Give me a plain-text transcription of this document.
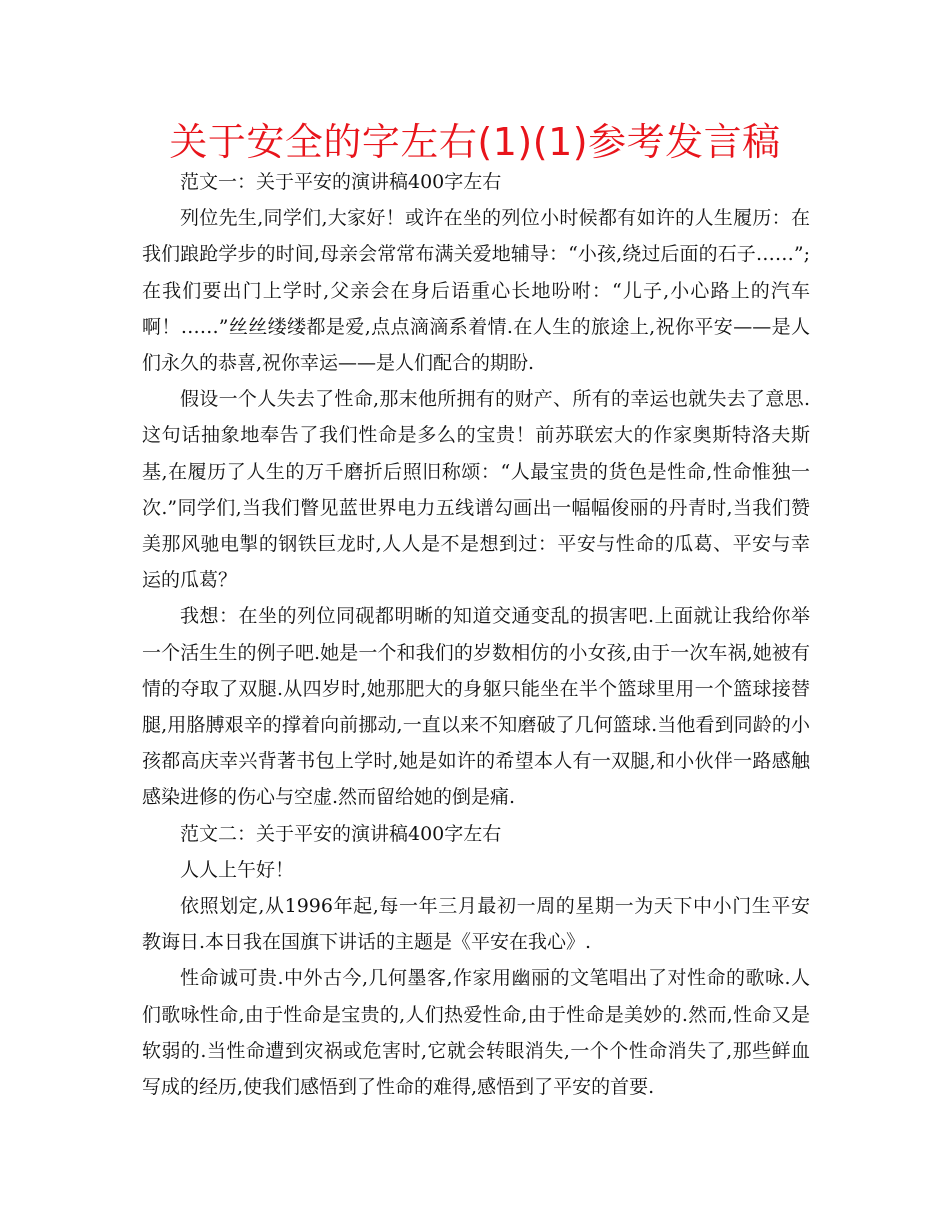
关于安全的字左右(1)(1)参考发言稿

范文一：关于平安的演讲稿400字左右

列位先生,同学们,大家好！或许在坐的列位小时候都有如许的人生履历：在我们踉跄学步的时间,母亲会常常布满关爱地辅导：“小孩,绕过后面的石子……”;在我们要出门上学时,父亲会在身后语重心长地吩咐：“儿子,小心路上的汽车啊！……”丝丝缕缕都是爱,点点滴滴系着情.在人生的旅途上,祝你平安——是人们永久的恭喜,祝你幸运——是人们配合的期盼.

假设一个人失去了性命,那末他所拥有的财产、所有的幸运也就失去了意思.这句话抽象地奉告了我们性命是多么的宝贵！前苏联宏大的作家奥斯特洛夫斯基,在履历了人生的万千磨折后照旧称颂：“人最宝贵的货色是性命,性命惟独一次.”同学们,当我们瞥见蓝世界电力五线谱勾画出一幅幅俊丽的丹青时,当我们赞美那风驰电掣的钢铁巨龙时,人人是不是想到过：平安与性命的瓜葛、平安与幸运的瓜葛？

我想：在坐的列位同砚都明晰的知道交通变乱的损害吧.上面就让我给你举一个活生生的例子吧.她是一个和我们的岁数相仿的小女孩,由于一次车祸,她被有情的夺取了双腿.从四岁时,她那肥大的身躯只能坐在半个篮球里用一个篮球接替腿,用胳膊艰辛的撑着向前挪动,一直以来不知磨破了几何篮球.当他看到同龄的小孩都高庆幸兴背著书包上学时,她是如许的希望本人有一双腿,和小伙伴一路感触感染进修的伤心与空虚.然而留给她的倒是痛.

范文二：关于平安的演讲稿400字左右

人人上午好！

依照划定,从1996年起,每一年三月最初一周的星期一为天下中小门生平安教诲日.本日我在国旗下讲话的主题是《平安在我心》.

性命诚可贵.中外古今,几何墨客,作家用幽丽的文笔唱出了对性命的歌咏.人们歌咏性命,由于性命是宝贵的,人们热爱性命,由于性命是美妙的.然而,性命又是软弱的.当性命遭到灾祸或危害时,它就会转眼消失,一个个性命消失了,那些鲜血写成的经历,使我们感悟到了性命的难得,感悟到了平安的首要.
